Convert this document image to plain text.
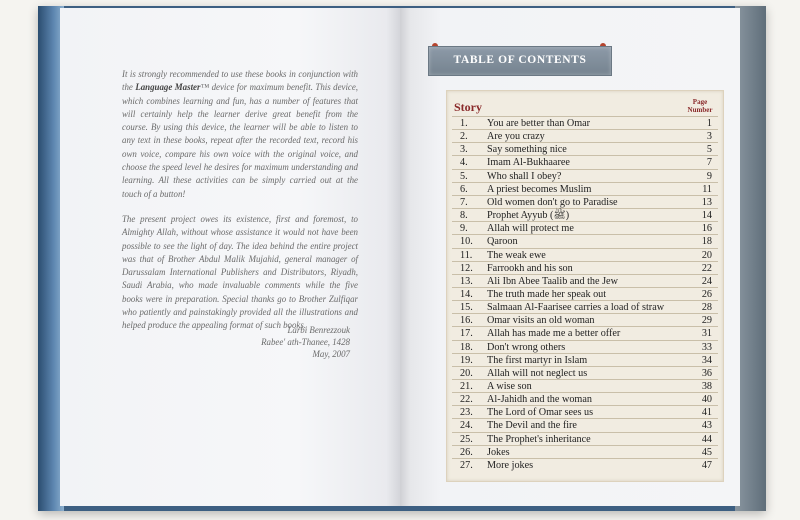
It is strongly recommended to use these books in conjunction with the Language Master™ device for maximum benefit. This device, which combines learning and fun, has a number of features that will certainly help the learner derive great benefit from the course. By using this device, the learner will be able to listen to any text in these books, repeat after the recorded text, record his own voice, compare his own voice with the original voice, and choose the speed level he desires for maximum understanding and learning. All these activities can be simply carried out at the touch of a button!

The present project owes its existence, first and foremost, to Almighty Allah, without whose assistance it would not have been possible to see the light of day. The idea behind the entire project was that of Brother Abdul Malik Mujahid, general manager of Darussalam International Publishers and Distributors, Riyadh, Saudi Arabia, who made invaluable comments while the five books were in preparation. Special thanks go to Brother Zulfiqar who patiently and painstakingly provided all the illustrations and helped produce the appealing format of such books.

Larbi Benrezzouk
Rabee' ath-Thanee, 1428
May, 2007
TABLE OF CONTENTS
Story	Page Number
1. You are better than Omar	1
2. Are you crazy	3
3. Say something nice	5
4. Imam Al-Bukhaaree	7
5. Who shall I obey?	9
6. A priest becomes Muslim	11
7. Old women don't go to Paradise	13
8. Prophet Ayyub (ﷺ)	14
9. Allah will protect me	16
10. Qaroon	18
11. The weak ewe	20
12. Farrookh and his son	22
13. Ali Ibn Abee Taalib and the Jew	24
14. The truth made her speak out	26
15. Salmaan Al-Faarisee carries a load of straw	28
16. Omar visits an old woman	29
17. Allah has made me a better offer	31
18. Don't wrong others	33
19. The first martyr in Islam	34
20. Allah will not neglect us	36
21. A wise son	38
22. Al-Jahidh and the woman	40
23. The Lord of Omar sees us	41
24. The Devil and the fire	43
25. The Prophet's inheritance	44
26. Jokes	45
27. More jokes	47
